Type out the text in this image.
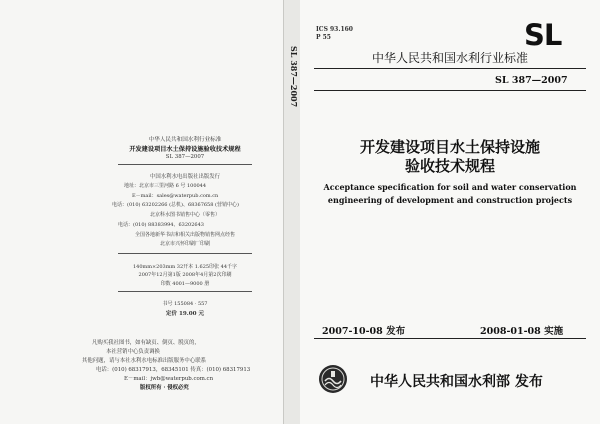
SL 387—2007
中华人民共和国水利行业标准
开发建设项目水土保持设施验收技术规程
SL 387—2007
中国水利水电出版社出版发行
地址：北京市三里河路 6 号 100044
E－mail：sales@waterpub.com.cn
电话：(010) 63202266 (总机)、68367658 (营销中心)
北京科水图书销售中心（零售）
电话：(010) 88383994、63202643
全国各地新华书店和相关出版物销售网点经售
北京市兴怀印刷厂印刷
140mm×203mm 32开本 1.625印张 44千字
2007年12月第1版 2008年4月第2次印刷
印数 4001—9000 册
书号 155084 · 557
定价 19.00 元
凡购买我社图书，如有缺页、倒页、脱页的，
本社营销中心负责调换
其他问题，请与本社水利水电标准出版服务中心联系
电话：(010) 68317913，68345101 传真：(010) 68317913
E－mail：jwb@waterpub.com.cn
版权所有 · 侵权必究
ICS 93.160
P 55	SL
中华人民共和国水利行业标准
SL 387—2007
开发建设项目水土保持设施
验收技术规程
Acceptance specification for soil and water conservation
engineering of development and construction projects
2007-10-08 发布	2008-01-08 实施
中华人民共和国水利部 发布
